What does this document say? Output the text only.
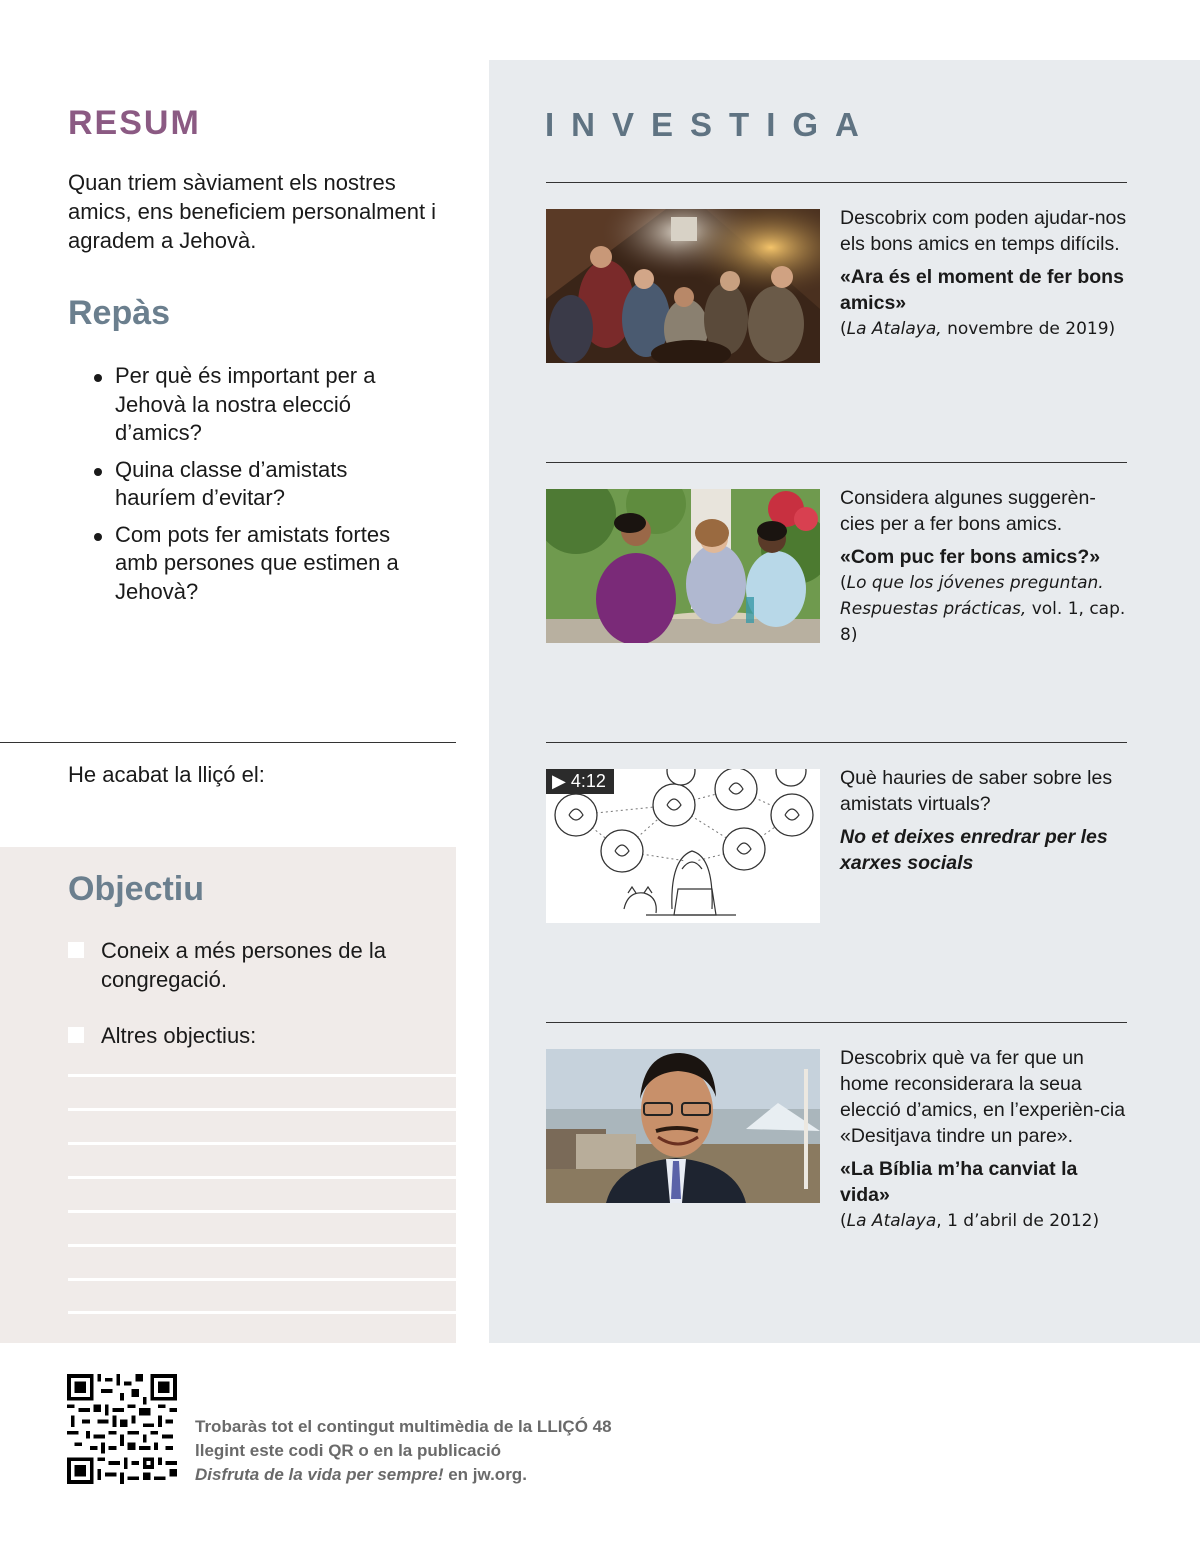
RESUM

Quan triem sàviament els nostres amics, ens beneficiem personalment i agradem a Jehovà.

Repàs
Per què és important per a Jehovà la nostra elecció d’amics?
Quina classe d’amistats hauríem d’evitar?
Com pots fer amistats fortes amb persones que estimen a Jehovà?

He acabat la lliçó el:

Objectiu
Coneix a més persones de la congregació.
Altres objectius:
INVESTIGA
Descobrix com poden ajudar-nos els bons amics en temps difícils.
«Ara és el moment de fer bons amics»
(La Atalaya, novembre de 2019)
Considera algunes suggerèn-cies per a fer bons amics.
«Com puc fer bons amics?»
(Lo que los jóvenes preguntan. Respuestas prácticas, vol. 1, cap. 8)
▶ 4:12	Què hauries de saber sobre les amistats virtuals?
No et deixes enredrar per les xarxes socials
Descobrix què va fer que un home reconsiderara la seua elecció d’amics, en l’experièn-cia «Desitjava tindre un pare».
«La Bíblia m’ha canviat la vida»
(La Atalaya, 1 d’abril de 2012)
Trobaràs tot el contingut multimèdia de la LLIÇÓ 48
llegint este codi QR o en la publicació
Disfruta de la vida per sempre! en jw.org.
